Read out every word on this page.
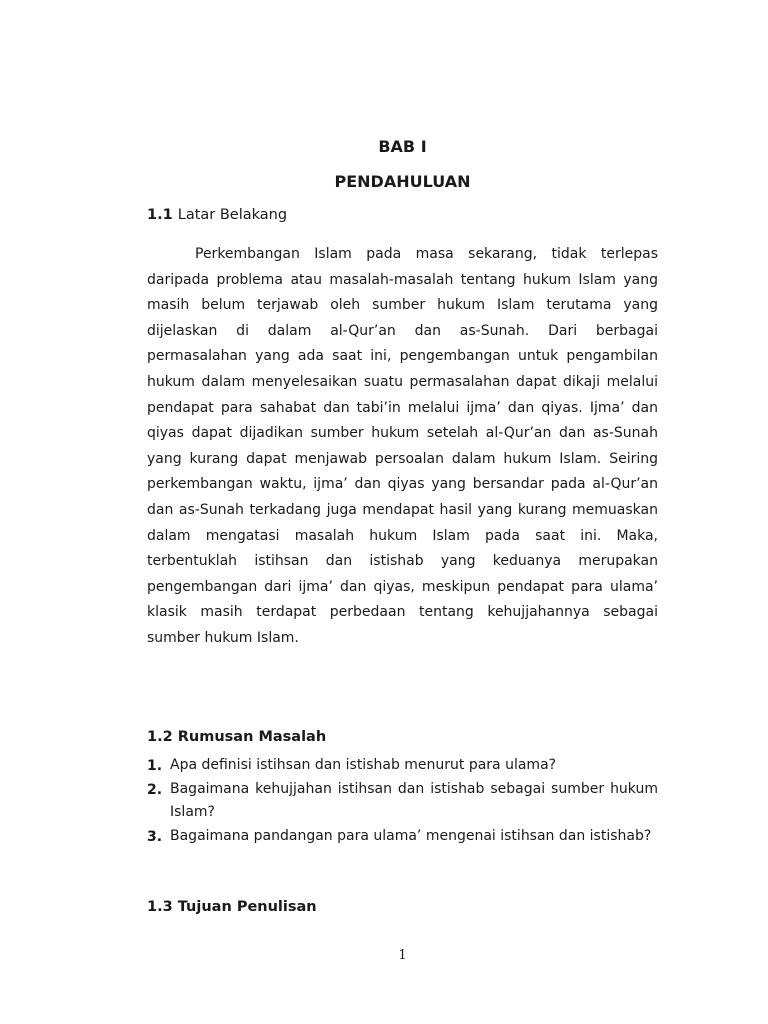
BAB I
PENDAHULUAN
1.1 Latar Belakang

Perkembangan Islam pada masa sekarang, tidak terlepas daripada problema atau masalah-masalah tentang hukum Islam yang masih belum terjawab oleh sumber hukum Islam terutama yang dijelaskan di dalam al-Qur’an dan as-Sunah. Dari berbagai permasalahan yang ada saat ini, pengembangan untuk pengambilan hukum dalam menyelesaikan suatu permasalahan dapat dikaji melalui pendapat para sahabat dan tabi’in melalui ijma’ dan qiyas. Ijma’ dan qiyas dapat dijadikan sumber hukum setelah al-Qur’an dan as-Sunah yang kurang dapat menjawab persoalan dalam hukum Islam. Seiring perkembangan waktu, ijma’ dan qiyas yang bersandar pada al-Qur’an dan as-Sunah terkadang juga mendapat hasil yang kurang memuaskan dalam mengatasi masalah hukum Islam pada saat ini. Maka, terbentuklah istihsan dan istishab yang keduanya merupakan pengembangan dari ijma’ dan qiyas, meskipun pendapat para ulama’ klasik masih terdapat perbedaan tentang kehujjahannya sebagai sumber hukum Islam.

1.2 Rumusan Masalah
1. Apa definisi istihsan dan istishab menurut para ulama?
2. Bagaimana kehujjahan istihsan dan istishab sebagai sumber hukum Islam?
3. Bagaimana pandangan para ulama’ mengenai istihsan dan istishab?
1.3 Tujuan Penulisan
1
